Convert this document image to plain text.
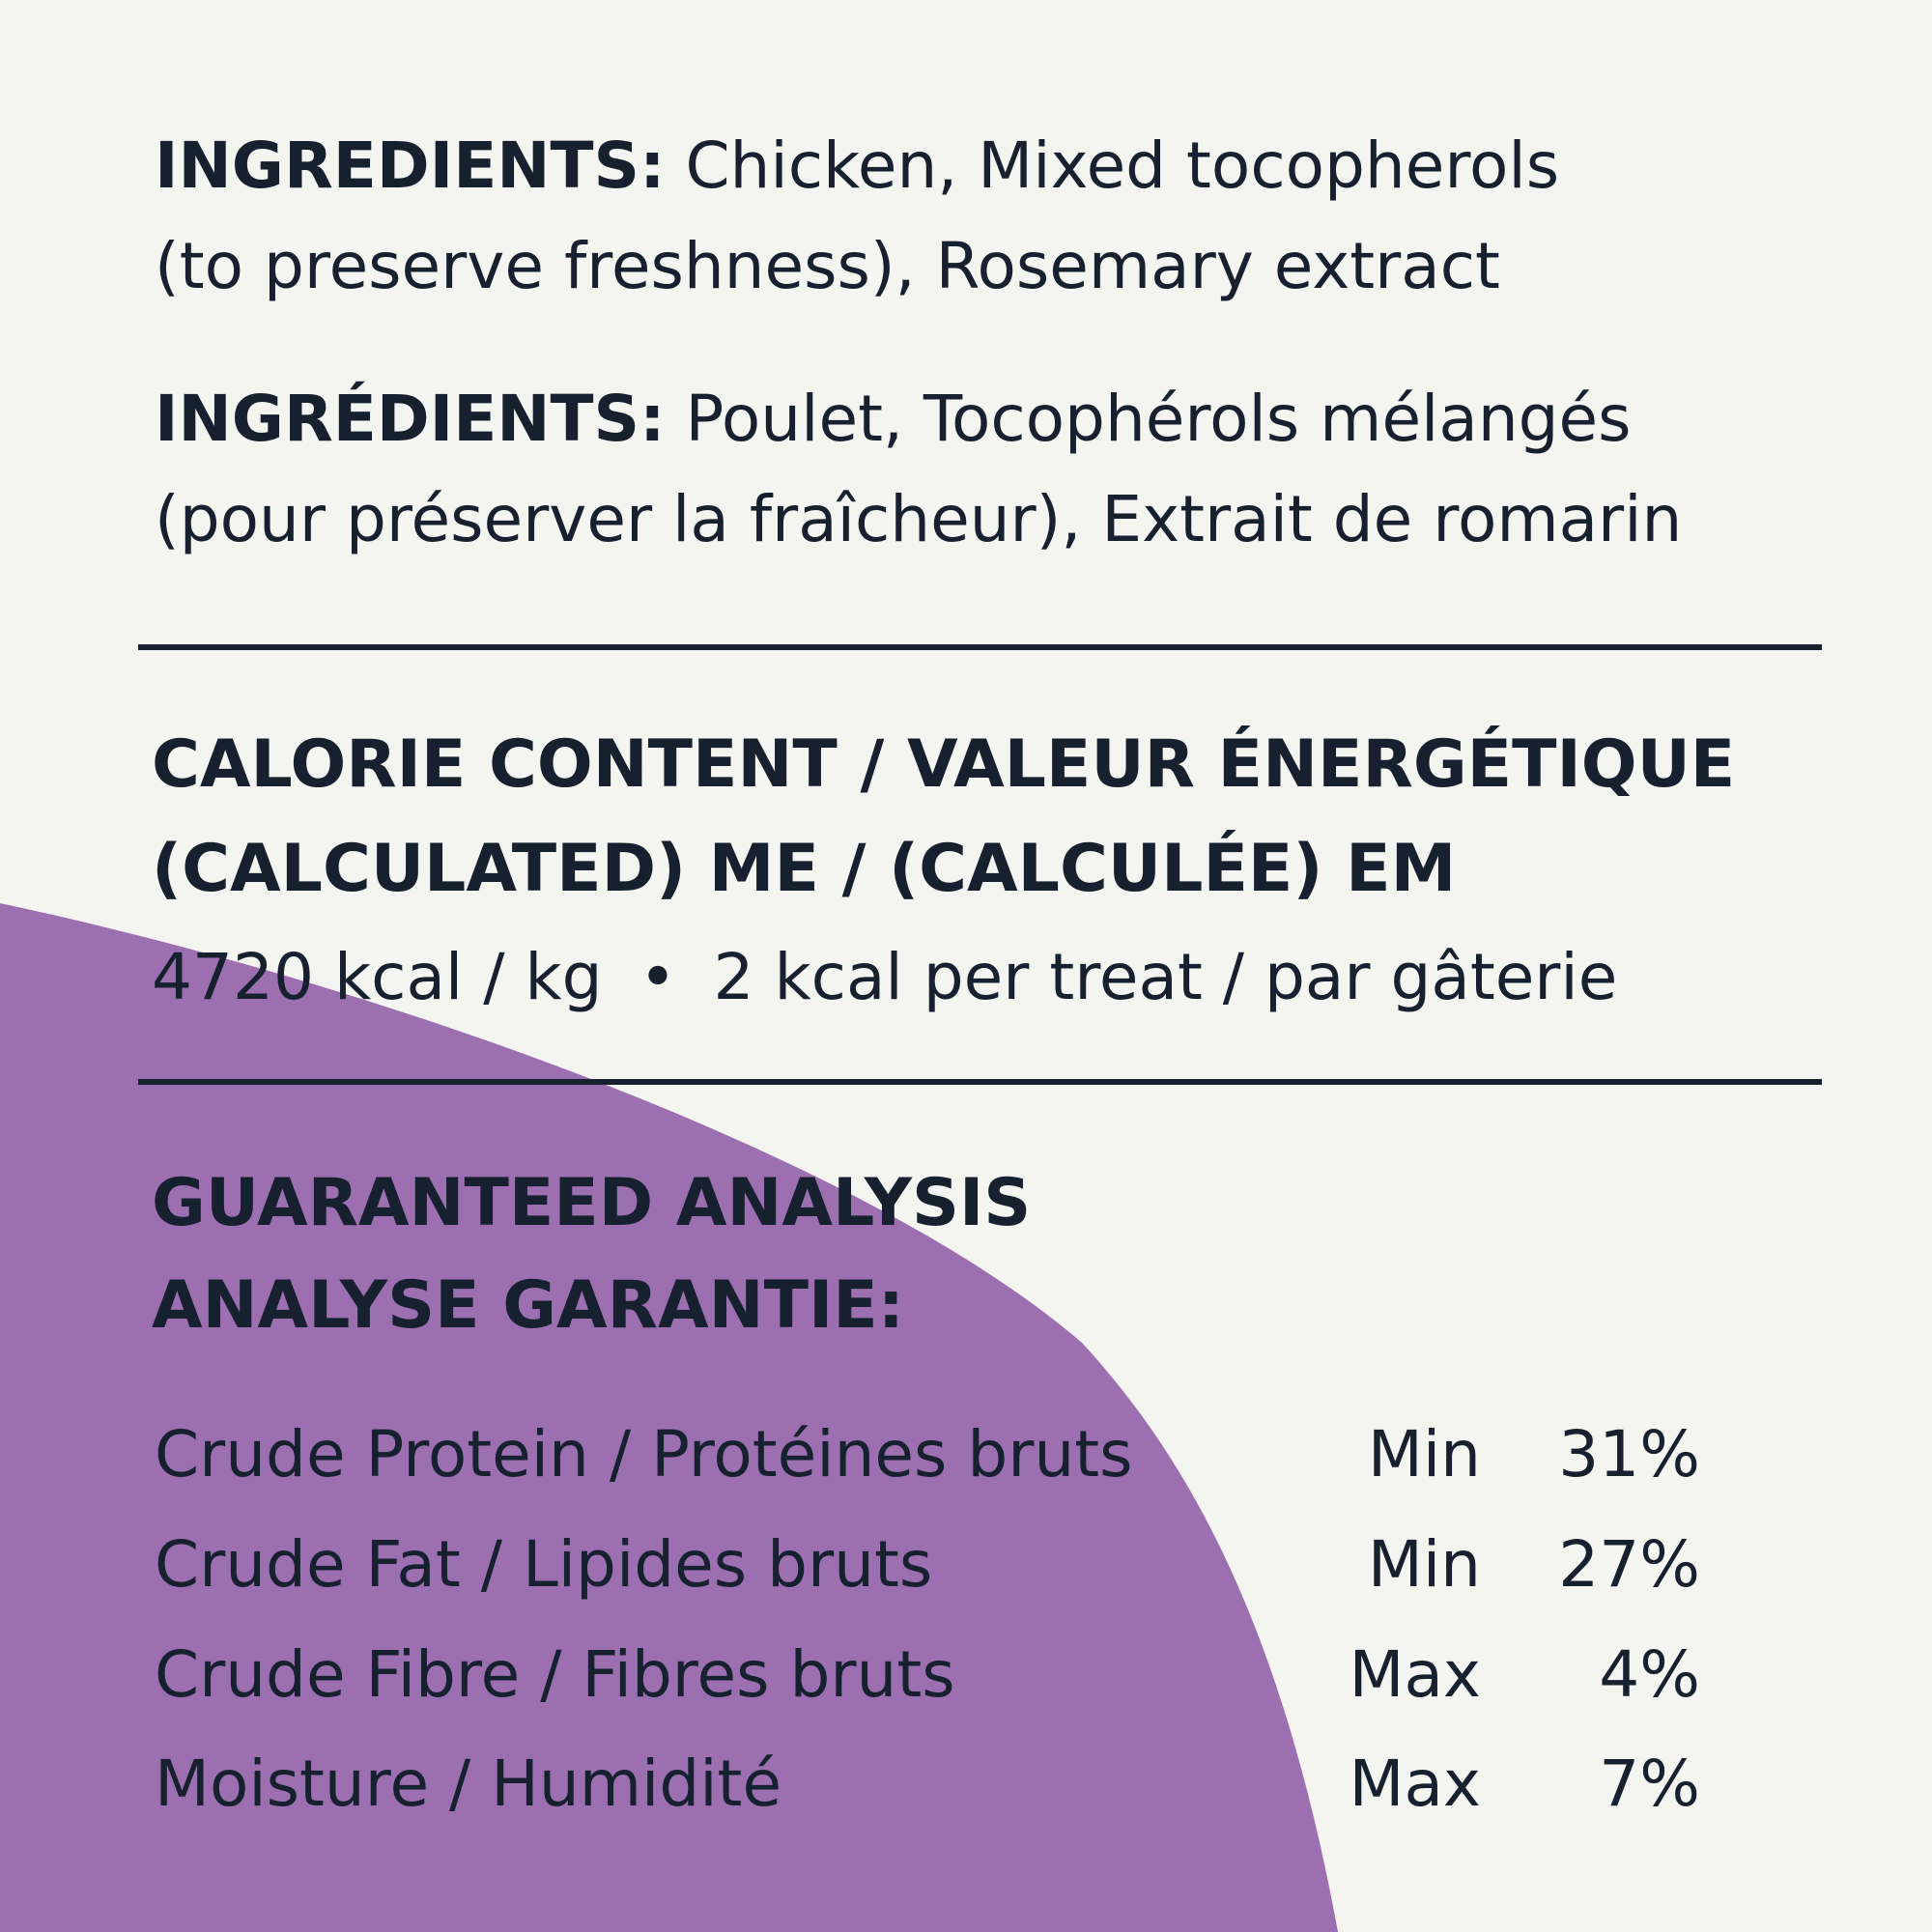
INGREDIENTS: Chicken, Mixed tocopherols
(to preserve freshness), Rosemary extract
INGRÉDIENTS: Poulet, Tocophérols mélangés
(pour préserver la fraîcheur), Extrait de romarin
CALORIE CONTENT / VALEUR ÉNERGÉTIQUE
(CALCULATED) ME / (CALCULÉE) EM
4720 kcal / kg • 2 kcal per treat / par gâterie
GUARANTEED ANALYSIS
ANALYSE GARANTIE:
Crude Protein / Protéines bruts	Min	31%
Crude Fat / Lipides bruts	Min	27%
Crude Fibre / Fibres bruts	Max	4%
Moisture / Humidité	Max	7%
